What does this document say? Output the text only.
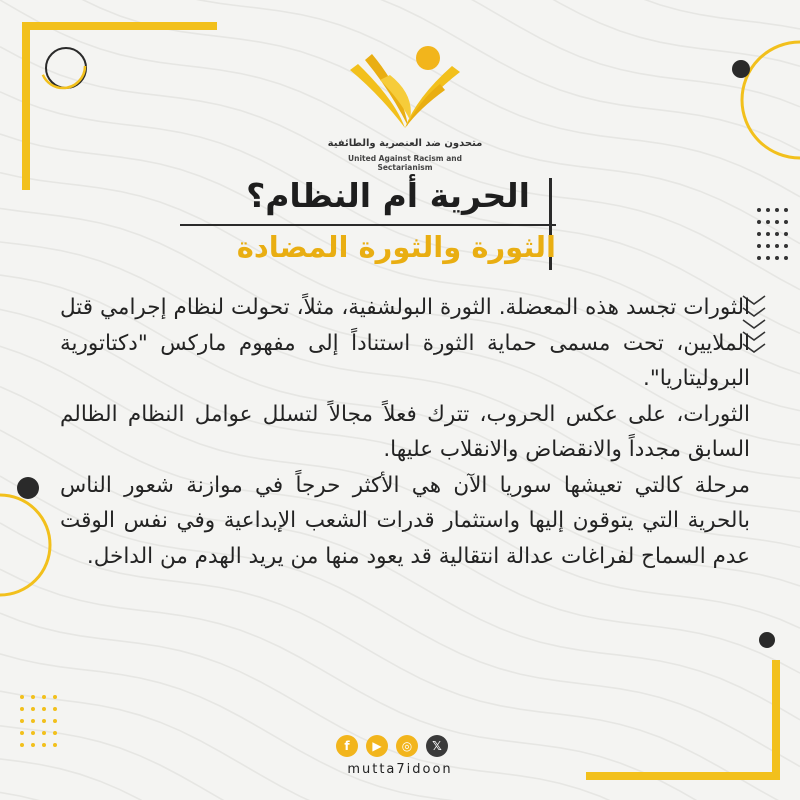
متحدون ضد العنصرية والطائفية
United Against Racism and Sectarianism
الحرية أم النظام؟
الثورة والثورة المضادة

الثورات تجسد هذه المعضلة. الثورة البولشفية، مثلاً، تحولت لنظام إجرامي قتل الملايين، تحت مسمى حماية الثورة استناداً إلى مفهوم ماركس "دكتاتورية البروليتاريا".

الثورات، على عكس الحروب، تترك فعلاً مجالاً لتسلل عوامل النظام الظالم السابق مجدداً والانقضاض والانقلاب عليها.

مرحلة كالتي تعيشها سوريا الآن هي الأكثر حرجاً في موازنة شعور الناس بالحرية التي يتوقون إليها واستثمار قدرات الشعب الإبداعية وفي نفس الوقت عدم السماح لفراغات عدالة انتقالية قد يعود منها من يريد الهدم من الداخل.

f	▶	◎	𝕏
mutta7idoon
